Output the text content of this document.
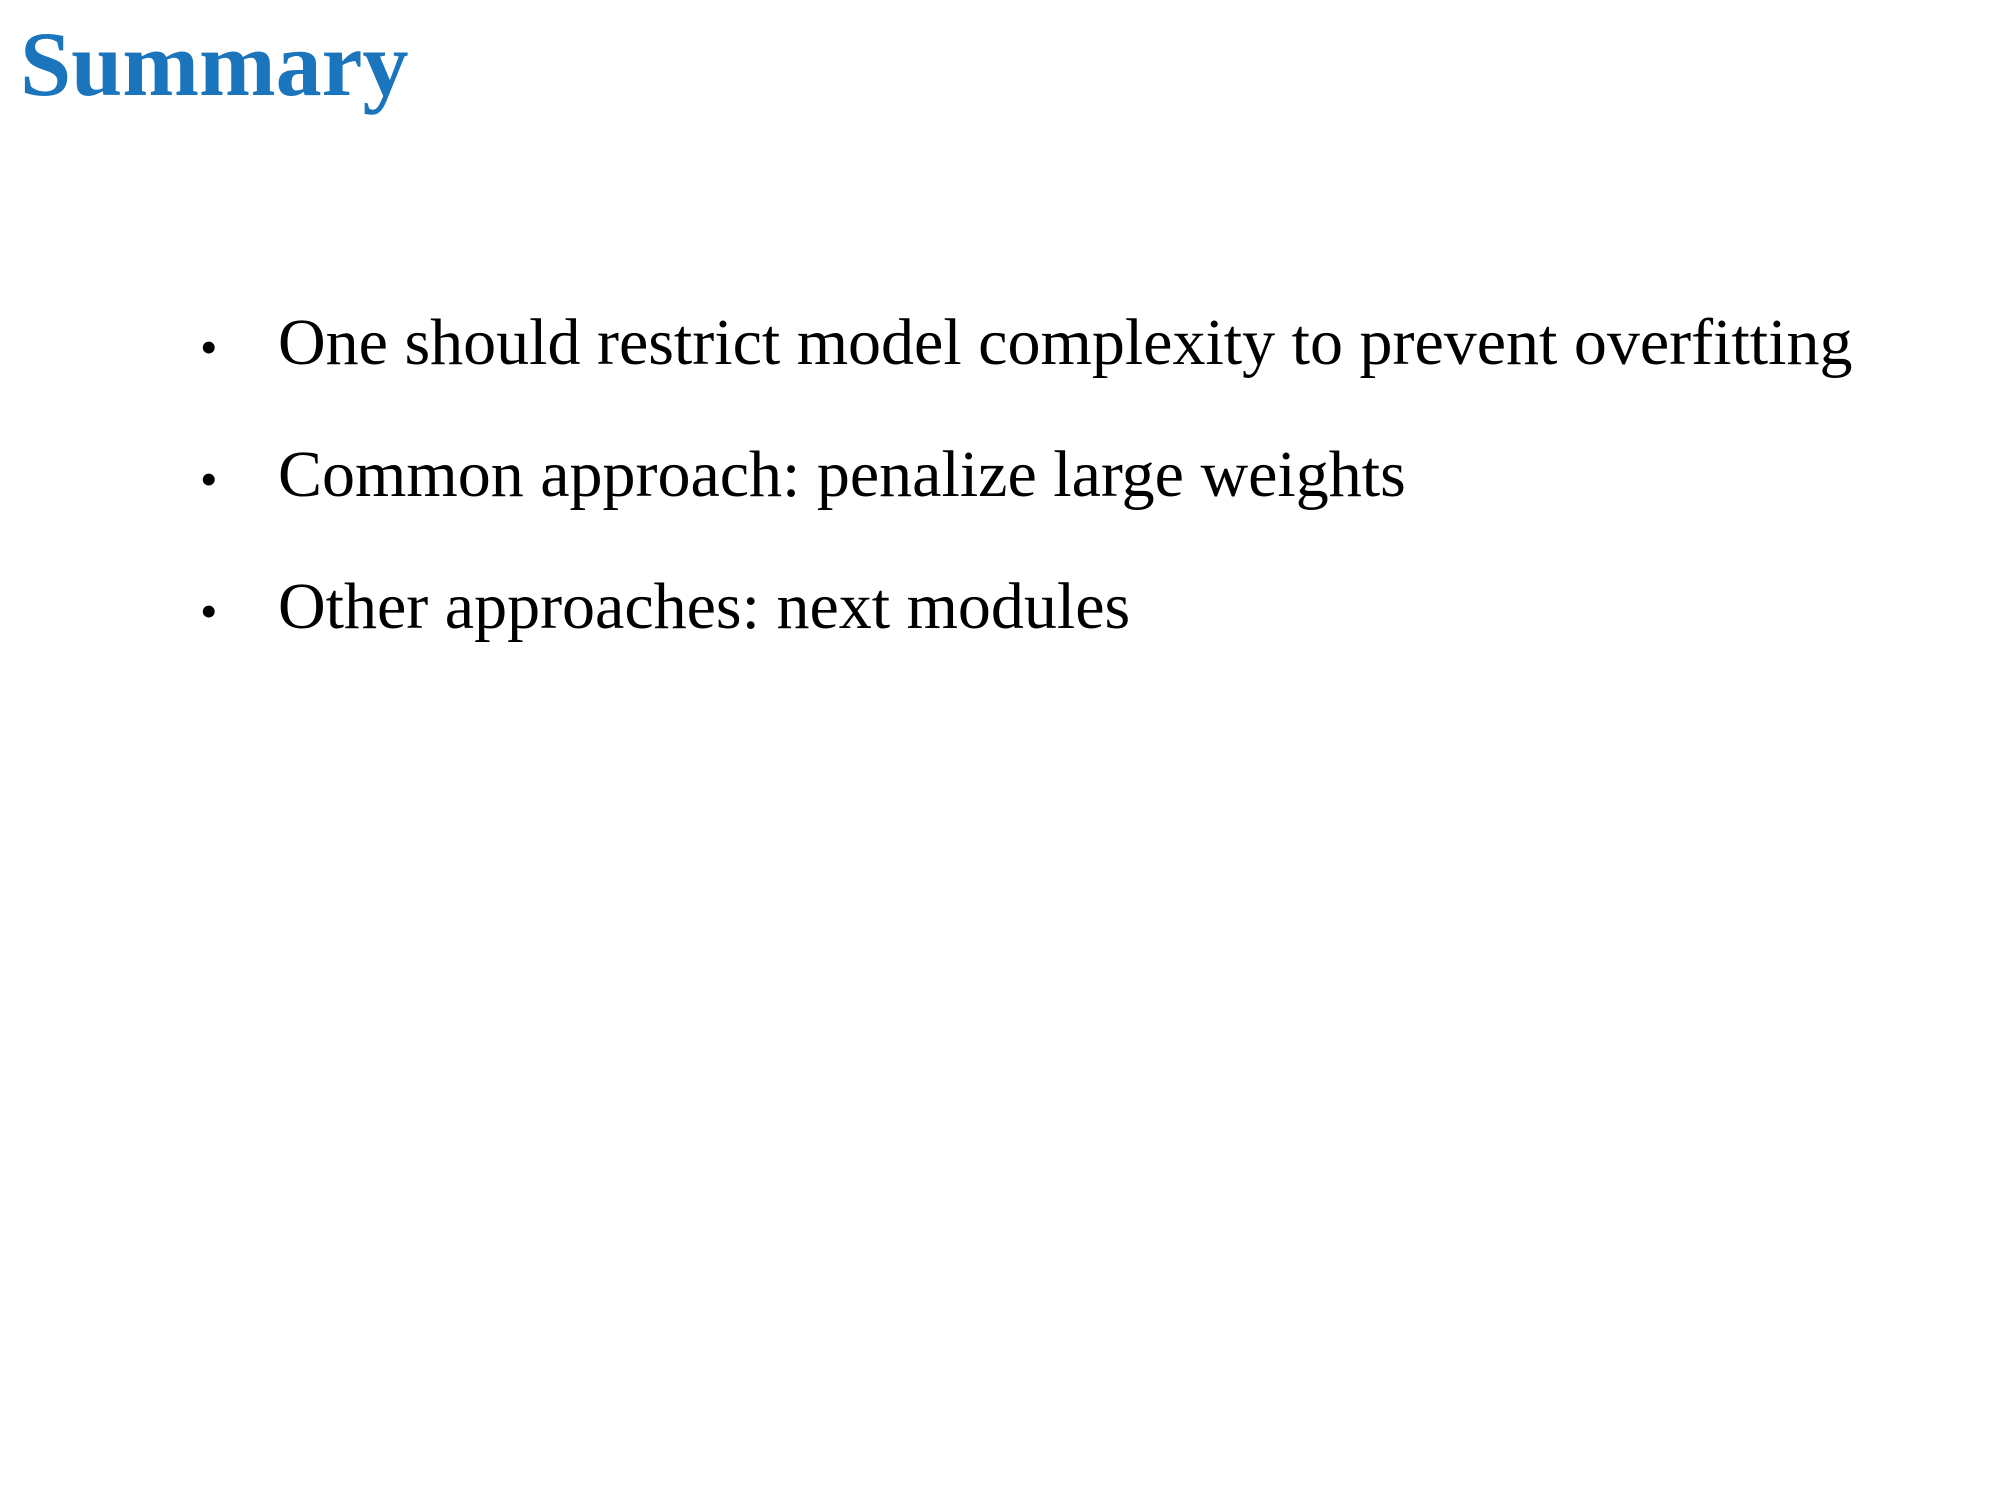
Summary
• One should restrict model complexity to prevent overfitting
• Common approach: penalize large weights
• Other approaches: next modules
